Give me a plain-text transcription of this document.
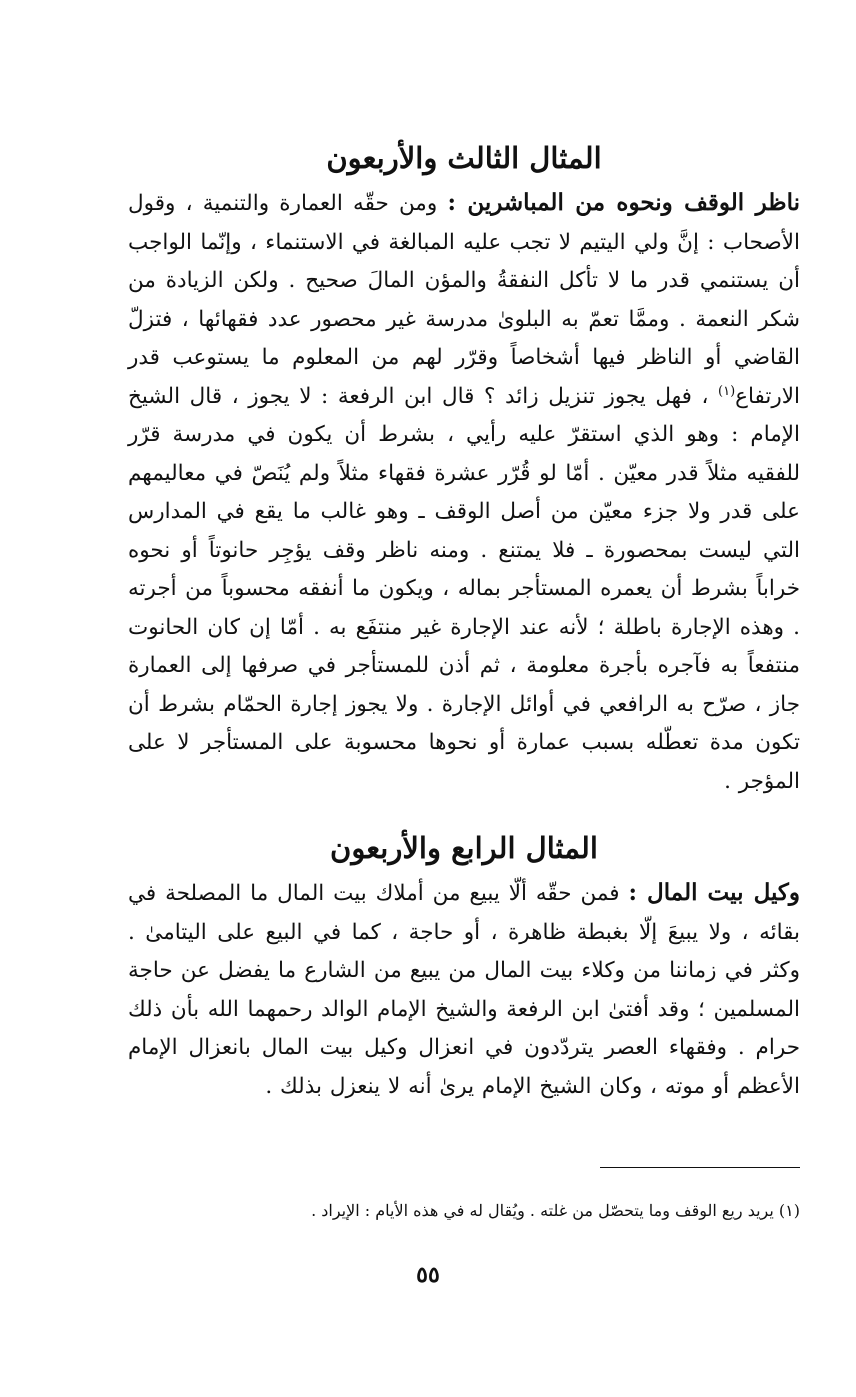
المثال الثالث والأربعون

ناظر الوقف ونحوه من المباشرين : ومن حقّه العمارة والتنمية ، وقول الأصحاب : إنَّ ولي اليتيم لا تجب عليه المبالغة في الاستنماء ، وإنّما الواجب أن يستنمي قدر ما لا تأكل النفقةُ والمؤن المالَ صحيح . ولكن الزيادة من شكر النعمة . وممَّا تعمّ به البلوىٰ مدرسة غير محصور عدد فقهائها ، فتزلّ القاضي أو الناظر فيها أشخاصاً وقرّر لهم من المعلوم ما يستوعب قدر الارتفاع$^{(١)}$ ، فهل يجوز تنزيل زائد ؟ قال ابن الرفعة : لا يجوز ، قال الشيخ الإمام : وهو الذي استقرّ عليه رأيي ، بشرط أن يكون في مدرسة قرّر للفقيه مثلاً قدر معيّن . أمّا لو قُرّر عشرة فقهاء مثلاً ولم يُنَصّ في معاليمهم على قدر ولا جزء معيّن من أصل الوقف ـ وهو غالب ما يقع في المدارس التي ليست بمحصورة ـ فلا يمتنع . ومنه ناظر وقف يؤجِر حانوتاً أو نحوه خراباً بشرط أن يعمره المستأجر بماله ، ويكون ما أنفقه محسوباً من أجرته . وهذه الإجارة باطلة ؛ لأنه عند الإجارة غير منتفَع به . أمّا إن كان الحانوت منتفعاً به فآجره بأجرة معلومة ، ثم أذن للمستأجر في صرفها إلى العمارة جاز ، صرّح به الرافعي في أوائل الإجارة . ولا يجوز إجارة الحمّام بشرط أن تكون مدة تعطّله بسبب عمارة أو نحوها محسوبة على المستأجر لا على المؤجر .

المثال الرابع والأربعون

وكيل بيت المال : فمن حقّه ألّا يبيع من أملاك بيت المال ما المصلحة في بقائه ، ولا يبيعَ إلّا بغبطة ظاهرة ، أو حاجة ، كما في البيع على اليتامىٰ . وكثر في زماننا من وكلاء بيت المال من يبيع من الشارع ما يفضل عن حاجة المسلمين ؛ وقد أفتىٰ ابن الرفعة والشيخ الإمام الوالد رحمهما الله بأن ذلك حرام . وفقهاء العصر يتردّدون في انعزال وكيل بيت المال بانعزال الإمام الأعظم أو موته ، وكان الشيخ الإمام يرىٰ أنه لا ينعزل بذلك .

(١) يريد ريع الوقف وما يتحصّل من غلته . ويُقال له في هذه الأيام : الإيراد .
٥٥
